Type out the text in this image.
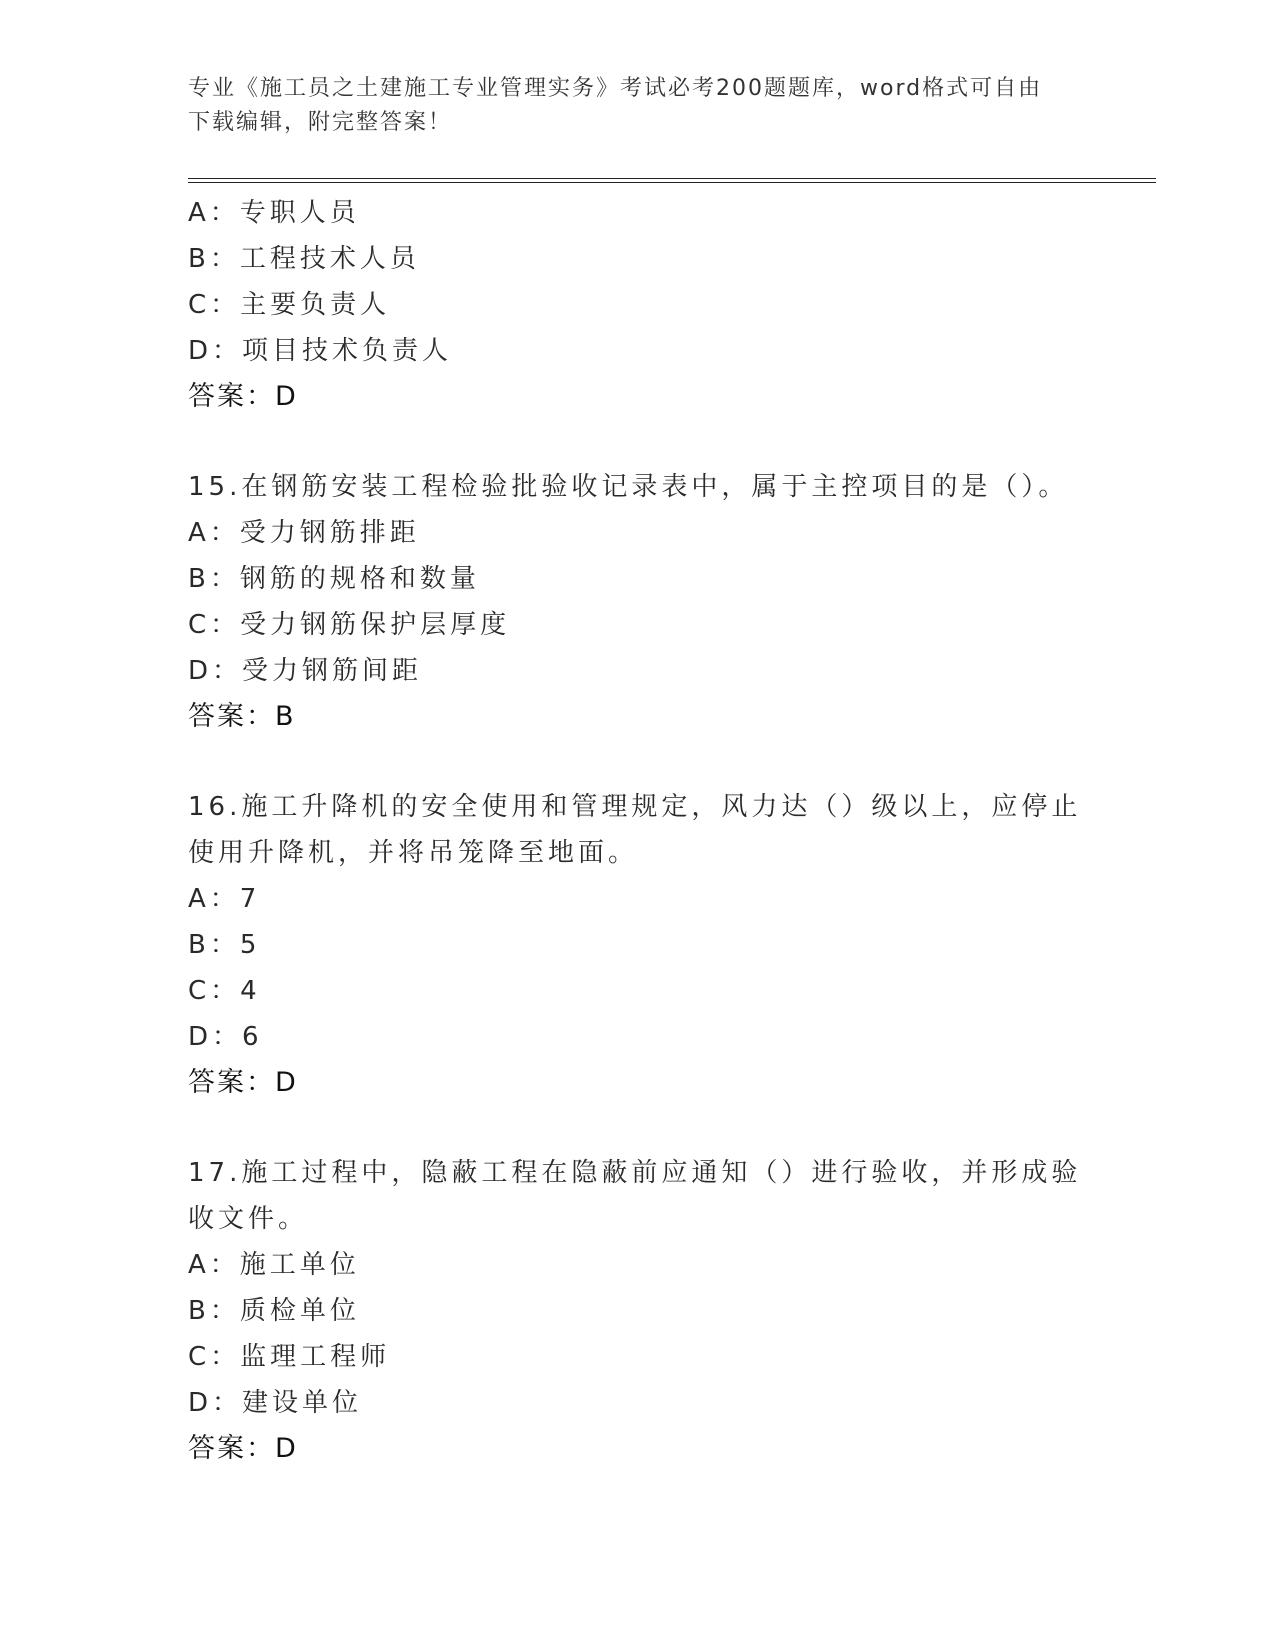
专业《施工员之土建施工专业管理实务》考试必考200题题库，word格式可自由
下载编辑，附完整答案！
A：专职人员
B：工程技术人员
C：主要负责人
D：项目技术负责人
答案：D
15.在钢筋安装工程检验批验收记录表中，属于主控项目的是（）。
A：受力钢筋排距
B：钢筋的规格和数量
C：受力钢筋保护层厚度
D：受力钢筋间距
答案：B
16.施工升降机的安全使用和管理规定，风力达（）级以上，应停止使用升降机，并将吊笼降至地面。
A：7
B：5
C：4
D：6
答案：D
17.施工过程中，隐蔽工程在隐蔽前应通知（）进行验收，并形成验收文件。
A：施工单位
B：质检单位
C：监理工程师
D：建设单位
答案：D
